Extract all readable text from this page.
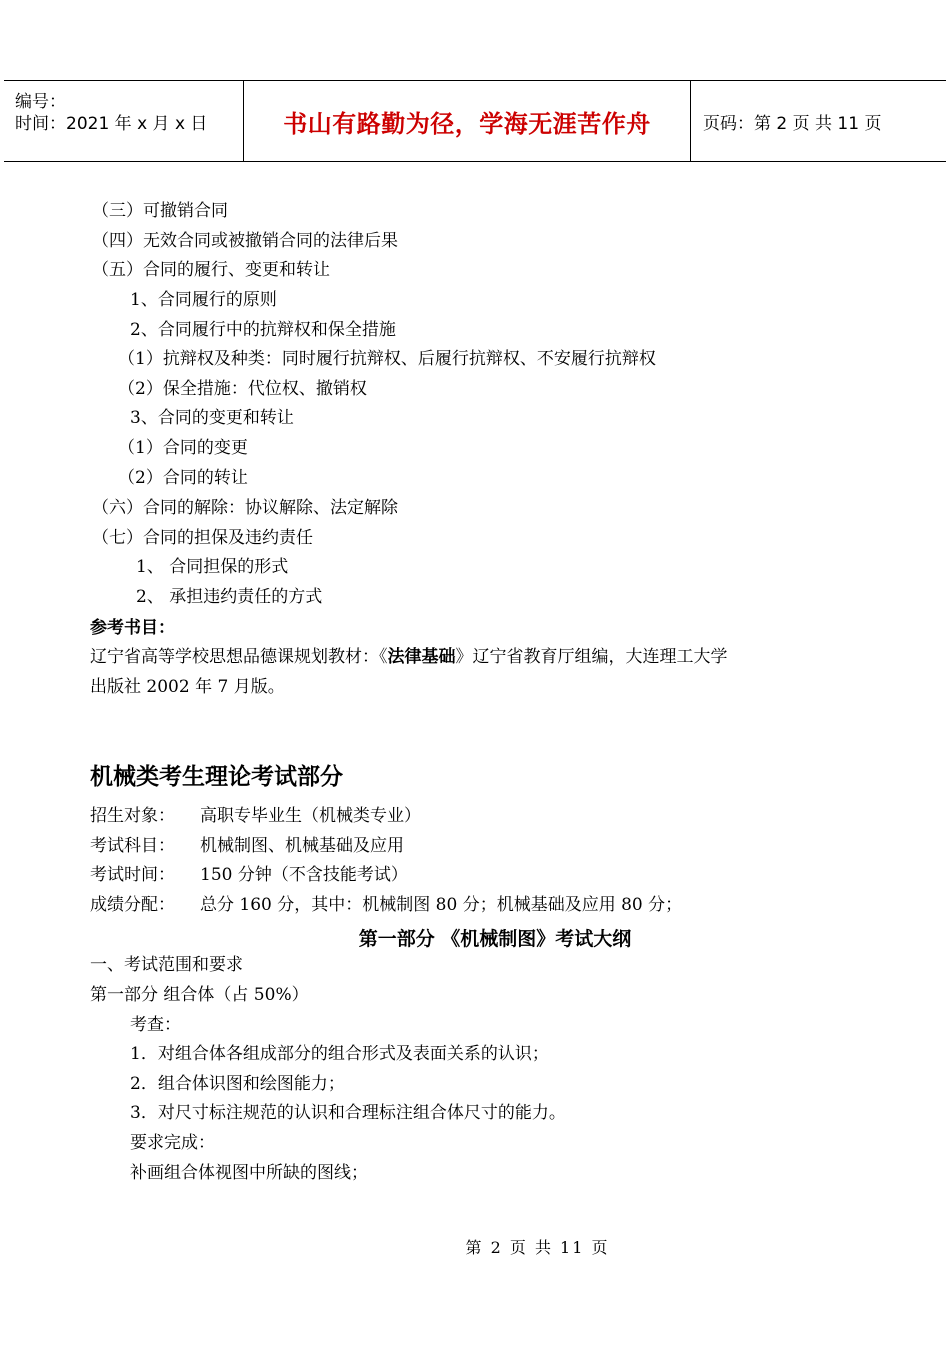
编号：
时间：2021 年 x 月 x 日	书山有路勤为径，学海无涯苦作舟	页码：第 2 页 共 11 页
（三）可撤销合同
（四）无效合同或被撤销合同的法律后果
（五）合同的履行、变更和转让
1、合同履行的原则
2、合同履行中的抗辩权和保全措施
（1）抗辩权及种类：同时履行抗辩权、后履行抗辩权、不安履行抗辩权
（2）保全措施：代位权、撤销权
3、合同的变更和转让
（1）合同的变更
（2）合同的转让
（六）合同的解除：协议解除、法定解除
（七）合同的担保及违约责任
1、 合同担保的形式
2、 承担违约责任的方式
参考书目：
辽宁省高等学校思想品德课规划教材：《法律基础》辽宁省教育厅组编，大连理工大学
出版社 2002 年 7 月版。
机械类考生理论考试部分
招生对象： 高职专毕业生（机械类专业）
考试科目： 机械制图、机械基础及应用
考试时间： 150 分钟（不含技能考试）
成绩分配： 总分 160 分，其中：机械制图 80 分；机械基础及应用 80 分；
第一部分 《机械制图》考试大纲
一、考试范围和要求
第一部分 组合体（占 50%）
考查：
1．对组合体各组成部分的组合形式及表面关系的认识；
2．组合体识图和绘图能力；
3．对尺寸标注规范的认识和合理标注组合体尺寸的能力。
要求完成：
补画组合体视图中所缺的图线；
第 2 页 共 11 页
